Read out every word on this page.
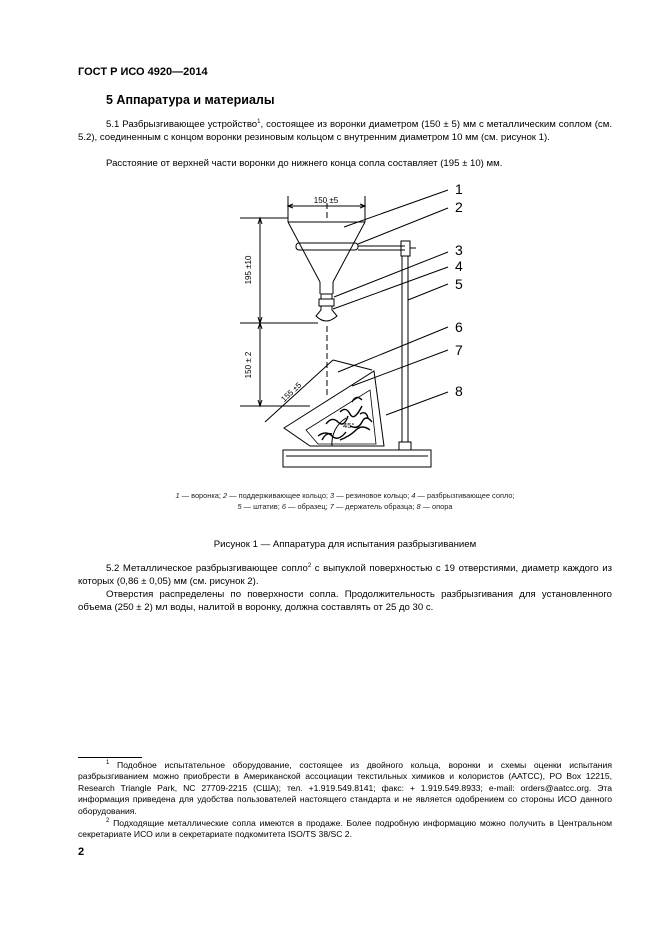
ГОСТ Р ИСО 4920—2014
5 Аппаратура и материалы
5.1 Разбрызгивающее устройство$^1$, состоящее из воронки диаметром (150 ± 5) мм с металлическим соплом (см. 5.2), соединенным с концом воронки резиновым кольцом с внутренним диаметром 10 мм (см. рисунок 1).
Расстояние от верхней части воронки до нижнего конца сопла составляет (195 ± 10) мм.
150 ±5
195 ±10
150 ± 2
155 ±5
45°
1
2
3
4
5
6
7
8
1 — воронка; 2 — поддерживающее кольцо; 3 — резиновое кольцо; 4 — разбрызгивающее сопло;
5 — штатив; 6 — образец; 7 — держатель образца; 8 — опора
Рисунок 1 — Аппаратура для испытания разбрызгиванием
5.2 Металлическое разбрызгивающее сопло$^2$ с выпуклой поверхностью с 19 отверстиями, диаметр каждого из которых (0,86 ± 0,05) мм (см. рисунок 2).
Отверстия распределены по поверхности сопла. Продолжительность разбрызгивания для установленного объема (250 ± 2) мл воды, налитой в воронку, должна составлять от 25 до 30 с.
$^1$ Подобное испытательное оборудование, состоящее из двойного кольца, воронки и схемы оценки испытания разбрызгиванием можно приобрести в Американской ассоциации текстильных химиков и колористов (AATCC), PO Box 12215, Research Triangle Park, NC 27709-2215 (США); тел. +1.919.549.8141; факс: + 1.919.549.8933; e-mail: orders@aatcc.org. Эта информация приведена для удобства пользователей настоящего стандарта и не является одобрением со стороны ИСО данного оборудования.
$^2$ Подходящие металлические сопла имеются в продаже. Более подробную информацию можно получить в Центральном секретариате ИСО или в секретариате подкомитета ISO/TS 38/SC 2.
2
